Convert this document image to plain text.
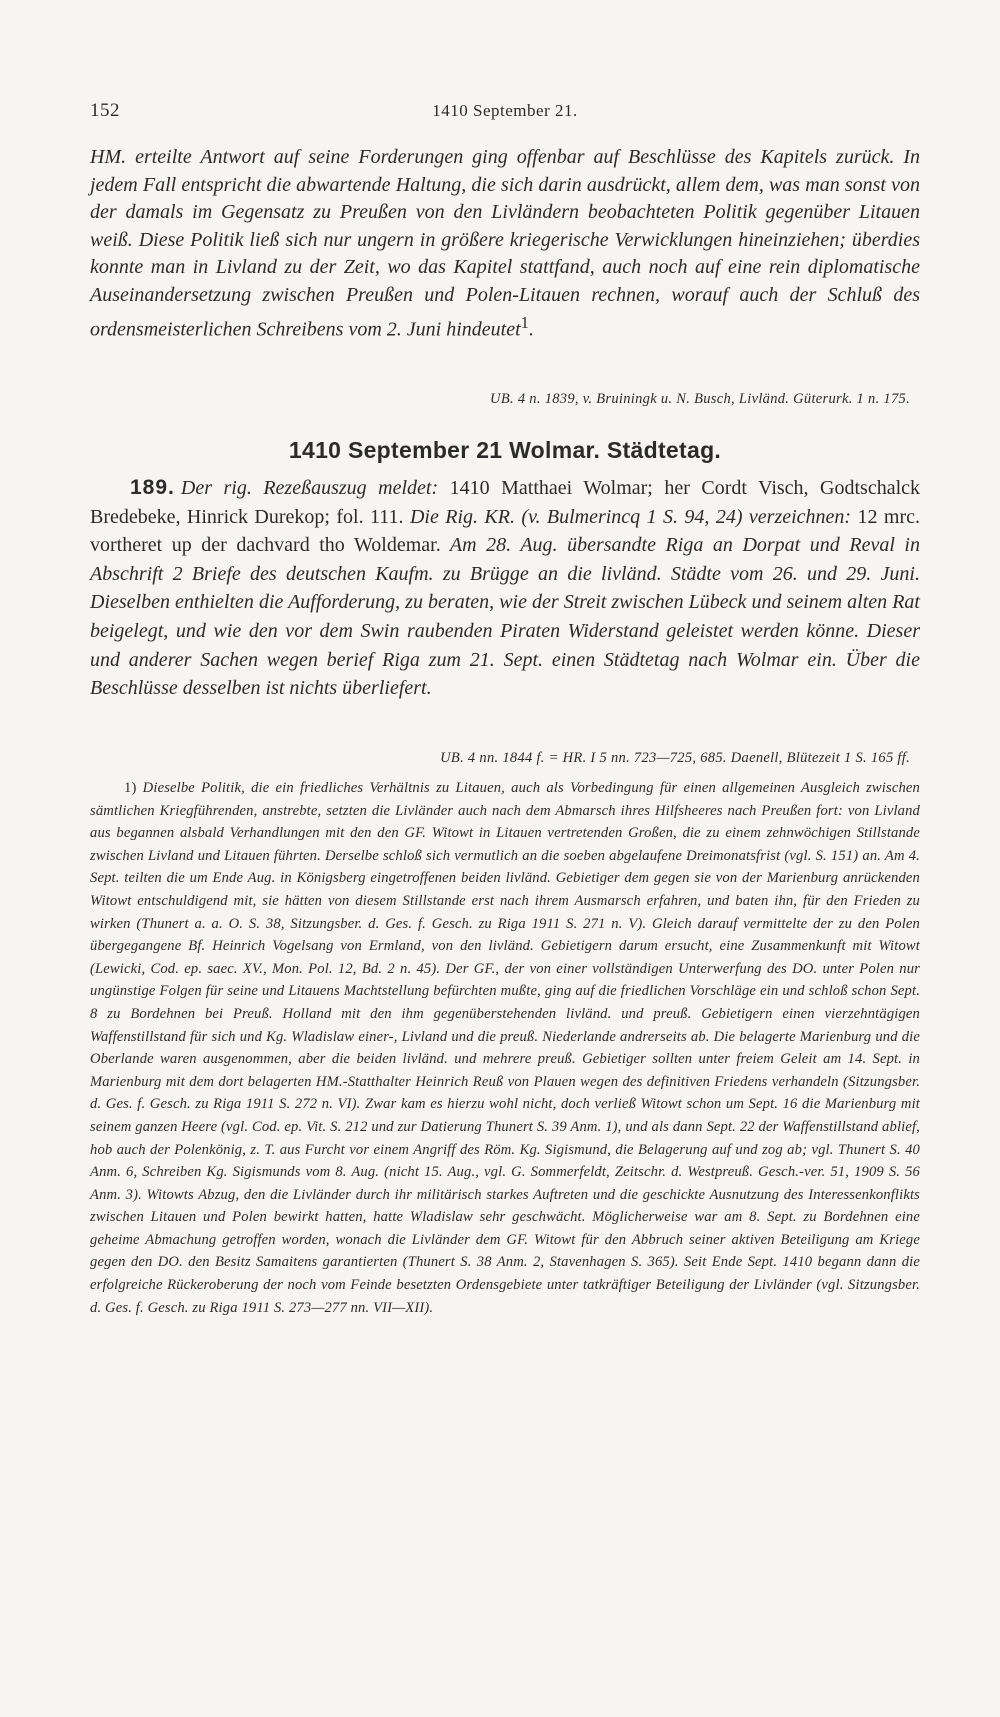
152	1410 September 21.
HM. erteilte Antwort auf seine Forderungen ging offenbar auf Beschlüsse des Kapitels zurück. In jedem Fall entspricht die abwartende Haltung, die sich darin ausdrückt, allem dem, was man sonst von der damals im Gegensatz zu Preußen von den Livländern beobachteten Politik gegenüber Litauen weiß. Diese Politik ließ sich nur ungern in größere kriegerische Verwicklungen hineinziehen; überdies konnte man in Livland zu der Zeit, wo das Kapitel stattfand, auch noch auf eine rein diplomatische Auseinandersetzung zwischen Preußen und Polen-Litauen rechnen, worauf auch der Schluß des ordensmeisterlichen Schreibens vom 2. Juni hindeutet$^1$.
UB. 4 n. 1839, v. Bruiningk u. N. Busch, Livländ. Güterurk. 1 n. 175.
1410 September 21 Wolmar. Städtetag.
189. Der rig. Rezeßauszug meldet: 1410 Matthaei Wolmar; her Cordt Visch, Godtschalck Bredebeke, Hinrick Durekop; fol. 111. Die Rig. KR. (v. Bulmerincq 1 S. 94, 24) verzeichnen: 12 mrc. vortheret up der dachvard tho Woldemar. Am 28. Aug. übersandte Riga an Dorpat und Reval in Abschrift 2 Briefe des deutschen Kaufm. zu Brügge an die livländ. Städte vom 26. und 29. Juni. Dieselben enthielten die Aufforderung, zu beraten, wie der Streit zwischen Lübeck und seinem alten Rat beigelegt, und wie den vor dem Swin raubenden Piraten Widerstand geleistet werden könne. Dieser und anderer Sachen wegen berief Riga zum 21. Sept. einen Städtetag nach Wolmar ein. Über die Beschlüsse desselben ist nichts überliefert.
UB. 4 nn. 1844 f. = HR. I 5 nn. 723—725, 685. Daenell, Blütezeit 1 S. 165 ff.
1) Dieselbe Politik, die ein friedliches Verhältnis zu Litauen, auch als Vorbedingung für einen allgemeinen Ausgleich zwischen sämtlichen Kriegführenden, anstrebte, setzten die Livländer auch nach dem Abmarsch ihres Hilfsheeres nach Preußen fort: von Livland aus begannen alsbald Verhandlungen mit den den GF. Witowt in Litauen vertretenden Großen, die zu einem zehnwöchigen Stillstande zwischen Livland und Litauen führten. Derselbe schloß sich vermutlich an die soeben abgelaufene Dreimonatsfrist (vgl. S. 151) an. Am 4. Sept. teilten die um Ende Aug. in Königsberg eingetroffenen beiden livländ. Gebietiger dem gegen sie von der Marienburg anrückenden Witowt entschuldigend mit, sie hätten von diesem Stillstande erst nach ihrem Ausmarsch erfahren, und baten ihn, für den Frieden zu wirken (Thunert a. a. O. S. 38, Sitzungsber. d. Ges. f. Gesch. zu Riga 1911 S. 271 n. V). Gleich darauf vermittelte der zu den Polen übergegangene Bf. Heinrich Vogelsang von Ermland, von den livländ. Gebietigern darum ersucht, eine Zusammenkunft mit Witowt (Lewicki, Cod. ep. saec. XV., Mon. Pol. 12, Bd. 2 n. 45). Der GF., der von einer vollständigen Unterwerfung des DO. unter Polen nur ungünstige Folgen für seine und Litauens Machtstellung befürchten mußte, ging auf die friedlichen Vorschläge ein und schloß schon Sept. 8 zu Bordehnen bei Preuß. Holland mit den ihm gegenüberstehenden livländ. und preuß. Gebietigern einen vierzehntägigen Waffenstillstand für sich und Kg. Wladislaw einer-, Livland und die preuß. Niederlande andrerseits ab. Die belagerte Marienburg und die Oberlande waren ausgenommen, aber die beiden livländ. und mehrere preuß. Gebietiger sollten unter freiem Geleit am 14. Sept. in Marienburg mit dem dort belagerten HM.-Statthalter Heinrich Reuß von Plauen wegen des definitiven Friedens verhandeln (Sitzungsber. d. Ges. f. Gesch. zu Riga 1911 S. 272 n. VI). Zwar kam es hierzu wohl nicht, doch verließ Witowt schon um Sept. 16 die Marienburg mit seinem ganzen Heere (vgl. Cod. ep. Vit. S. 212 und zur Datierung Thunert S. 39 Anm. 1), und als dann Sept. 22 der Waffenstillstand ablief, hob auch der Polenkönig, z. T. aus Furcht vor einem Angriff des Röm. Kg. Sigismund, die Belagerung auf und zog ab; vgl. Thunert S. 40 Anm. 6, Schreiben Kg. Sigismunds vom 8. Aug. (nicht 15. Aug., vgl. G. Sommerfeldt, Zeitschr. d. Westpreuß. Gesch.-ver. 51, 1909 S. 56 Anm. 3). Witowts Abzug, den die Livländer durch ihr militärisch starkes Auftreten und die geschickte Ausnutzung des Interessenkonflikts zwischen Litauen und Polen bewirkt hatten, hatte Wladislaw sehr geschwächt. Möglicherweise war am 8. Sept. zu Bordehnen eine geheime Abmachung getroffen worden, wonach die Livländer dem GF. Witowt für den Abbruch seiner aktiven Beteiligung am Kriege gegen den DO. den Besitz Samaitens garantierten (Thunert S. 38 Anm. 2, Stavenhagen S. 365). Seit Ende Sept. 1410 begann dann die erfolgreiche Rückeroberung der noch vom Feinde besetzten Ordensgebiete unter tatkräftiger Beteiligung der Livländer (vgl. Sitzungsber. d. Ges. f. Gesch. zu Riga 1911 S. 273—277 nn. VII—XII).
